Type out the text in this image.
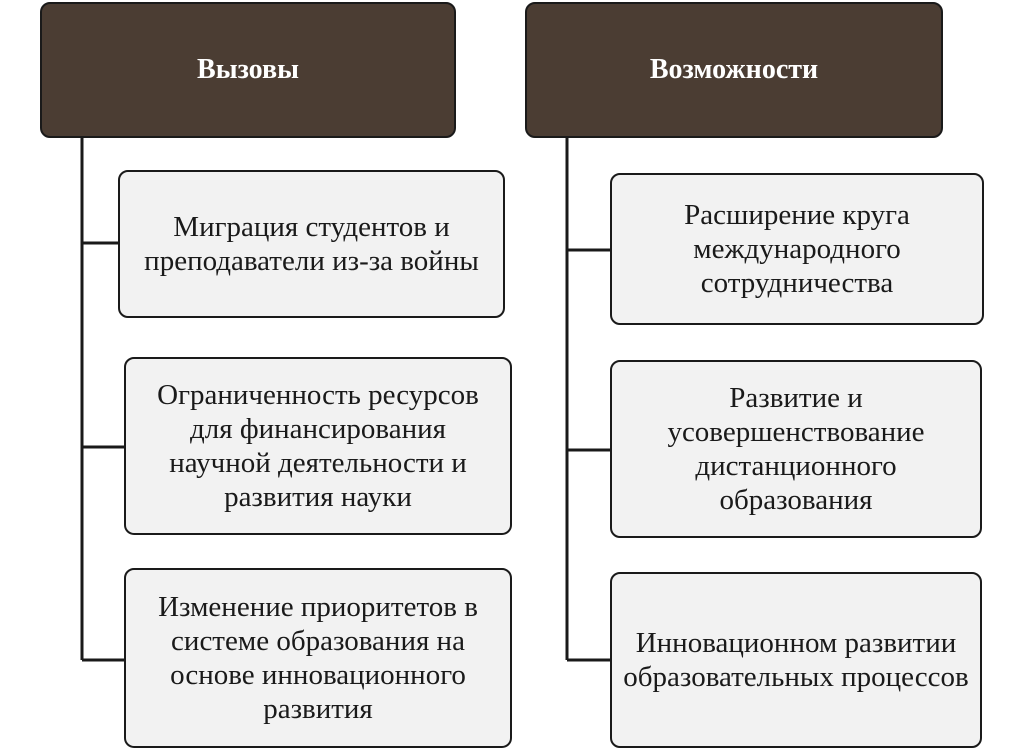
Вызовы
Миграция студентов и преподаватели из-за войны
Ограниченность ресурсов для финансирования научной деятельности и развития науки
Изменение приоритетов в системе образования на основе инновационного развития
Возможности
Расширение круга международного сотрудничества
Развитие и усовершенствование дистанционного образования
Инновационном развитии образовательных процессов
